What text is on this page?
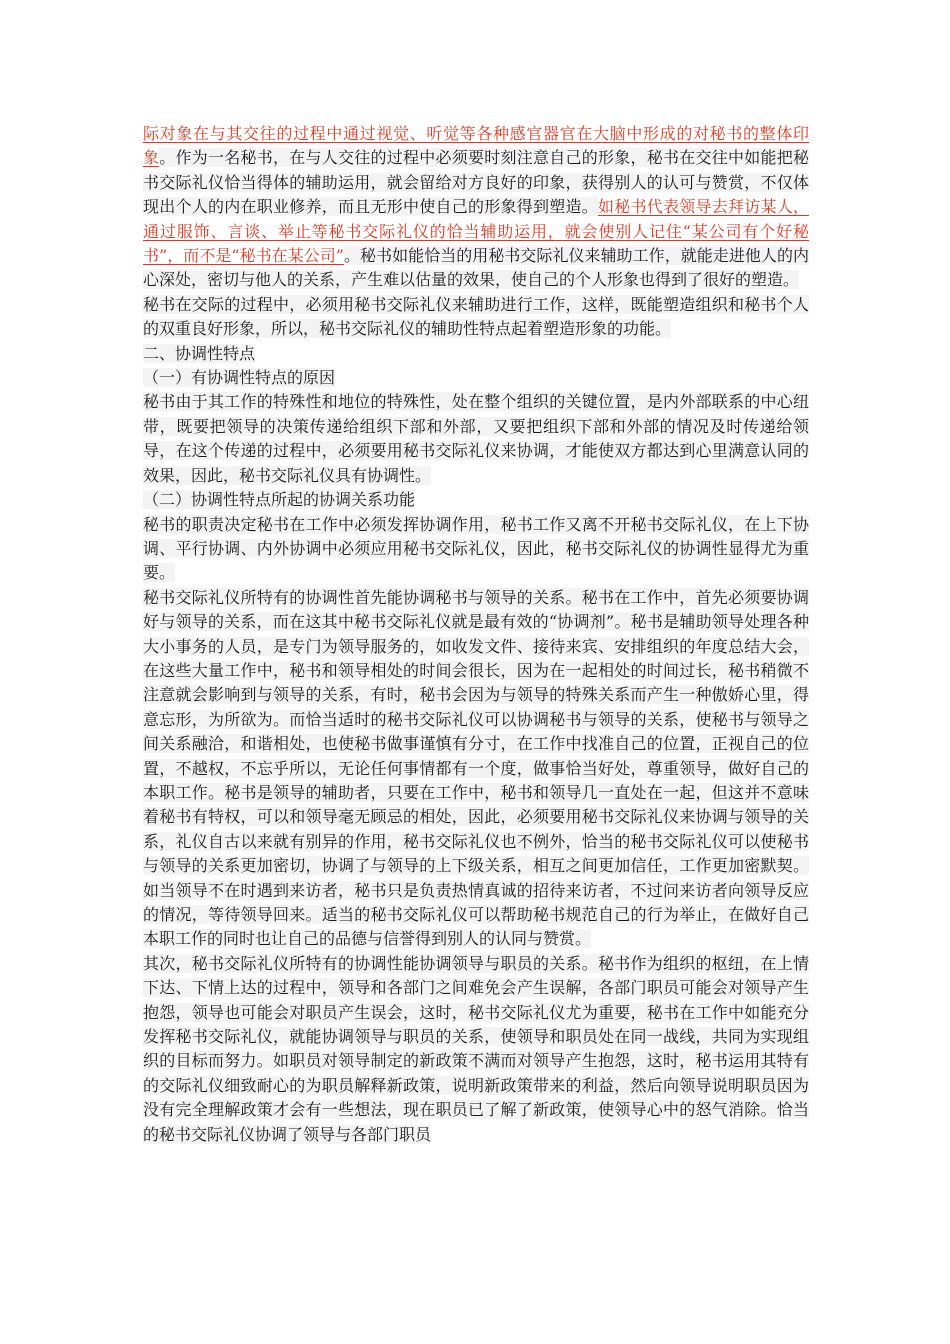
际对象在与其交往的过程中通过视觉、听觉等各种感官器官在大脑中形成的对秘书的整体印象。作为一名秘书，在与人交往的过程中必须要时刻注意自己的形象，秘书在交往中如能把秘书交际礼仪恰当得体的辅助运用，就会留给对方良好的印象，获得别人的认可与赞赏，不仅体现出个人的内在职业修养，而且无形中使自己的形象得到塑造。如秘书代表领导去拜访某人，通过服饰、言谈、举止等秘书交际礼仪的恰当辅助运用，就会使别人记住“某公司有个好秘书”，而不是“秘书在某公司”。秘书如能恰当的用秘书交际礼仪来辅助工作，就能走进他人的内心深处，密切与他人的关系，产生难以估量的效果，使自己的个人形象也得到了很好的塑造。

秘书在交际的过程中，必须用秘书交际礼仪来辅助进行工作，这样，既能塑造组织和秘书个人的双重良好形象，所以，秘书交际礼仪的辅助性特点起着塑造形象的功能。

二、协调性特点

（一）有协调性特点的原因

秘书由于其工作的特殊性和地位的特殊性，处在整个组织的关键位置，是内外部联系的中心纽带，既要把领导的决策传递给组织下部和外部，又要把组织下部和外部的情况及时传递给领导，在这个传递的过程中，必须要用秘书交际礼仪来协调，才能使双方都达到心里满意认同的效果，因此，秘书交际礼仪具有协调性。

（二）协调性特点所起的协调关系功能

秘书的职责决定秘书在工作中必须发挥协调作用，秘书工作又离不开秘书交际礼仪，在上下协调、平行协调、内外协调中必须应用秘书交际礼仪，因此，秘书交际礼仪的协调性显得尤为重要。

秘书交际礼仪所特有的协调性首先能协调秘书与领导的关系。秘书在工作中，首先必须要协调好与领导的关系，而在这其中秘书交际礼仪就是最有效的“协调剂”。秘书是辅助领导处理各种大小事务的人员，是专门为领导服务的，如收发文件、接待来宾、安排组织的年度总结大会，在这些大量工作中，秘书和领导相处的时间会很长，因为在一起相处的时间过长，秘书稍微不注意就会影响到与领导的关系，有时，秘书会因为与领导的特殊关系而产生一种傲娇心里，得意忘形，为所欲为。而恰当适时的秘书交际礼仪可以协调秘书与领导的关系，使秘书与领导之间关系融洽，和谐相处，也使秘书做事谨慎有分寸，在工作中找准自己的位置，正视自己的位置，不越权，不忘乎所以，无论任何事情都有一个度，做事恰当好处，尊重领导，做好自己的本职工作。秘书是领导的辅助者，只要在工作中，秘书和领导几一直处在一起，但这并不意味着秘书有特权，可以和领导毫无顾忌的相处，因此，必须要用秘书交际礼仪来协调与领导的关系，礼仪自古以来就有别异的作用，秘书交际礼仪也不例外，恰当的秘书交际礼仪可以使秘书与领导的关系更加密切，协调了与领导的上下级关系，相互之间更加信任，工作更加密默契。如当领导不在时遇到来访者，秘书只是负责热情真诚的招待来访者，不过问来访者向领导反应的情况，等待领导回来。适当的秘书交际礼仪可以帮助秘书规范自己的行为举止，在做好自己本职工作的同时也让自己的品德与信誉得到别人的认同与赞赏。

其次，秘书交际礼仪所特有的协调性能协调领导与职员的关系。秘书作为组织的枢纽，在上情下达、下情上达的过程中，领导和各部门之间难免会产生误解，各部门职员可能会对领导产生抱怨，领导也可能会对职员产生误会，这时，秘书交际礼仪尤为重要，秘书在工作中如能充分发挥秘书交际礼仪，就能协调领导与职员的关系，使领导和职员处在同一战线，共同为实现组织的目标而努力。如职员对领导制定的新政策不满而对领导产生抱怨，这时，秘书运用其特有的交际礼仪细致耐心的为职员解释新政策，说明新政策带来的利益，然后向领导说明职员因为没有完全理解政策才会有一些想法，现在职员已了解了新政策，使领导心中的怒气消除。恰当的秘书交际礼仪协调了领导与各部门职员
